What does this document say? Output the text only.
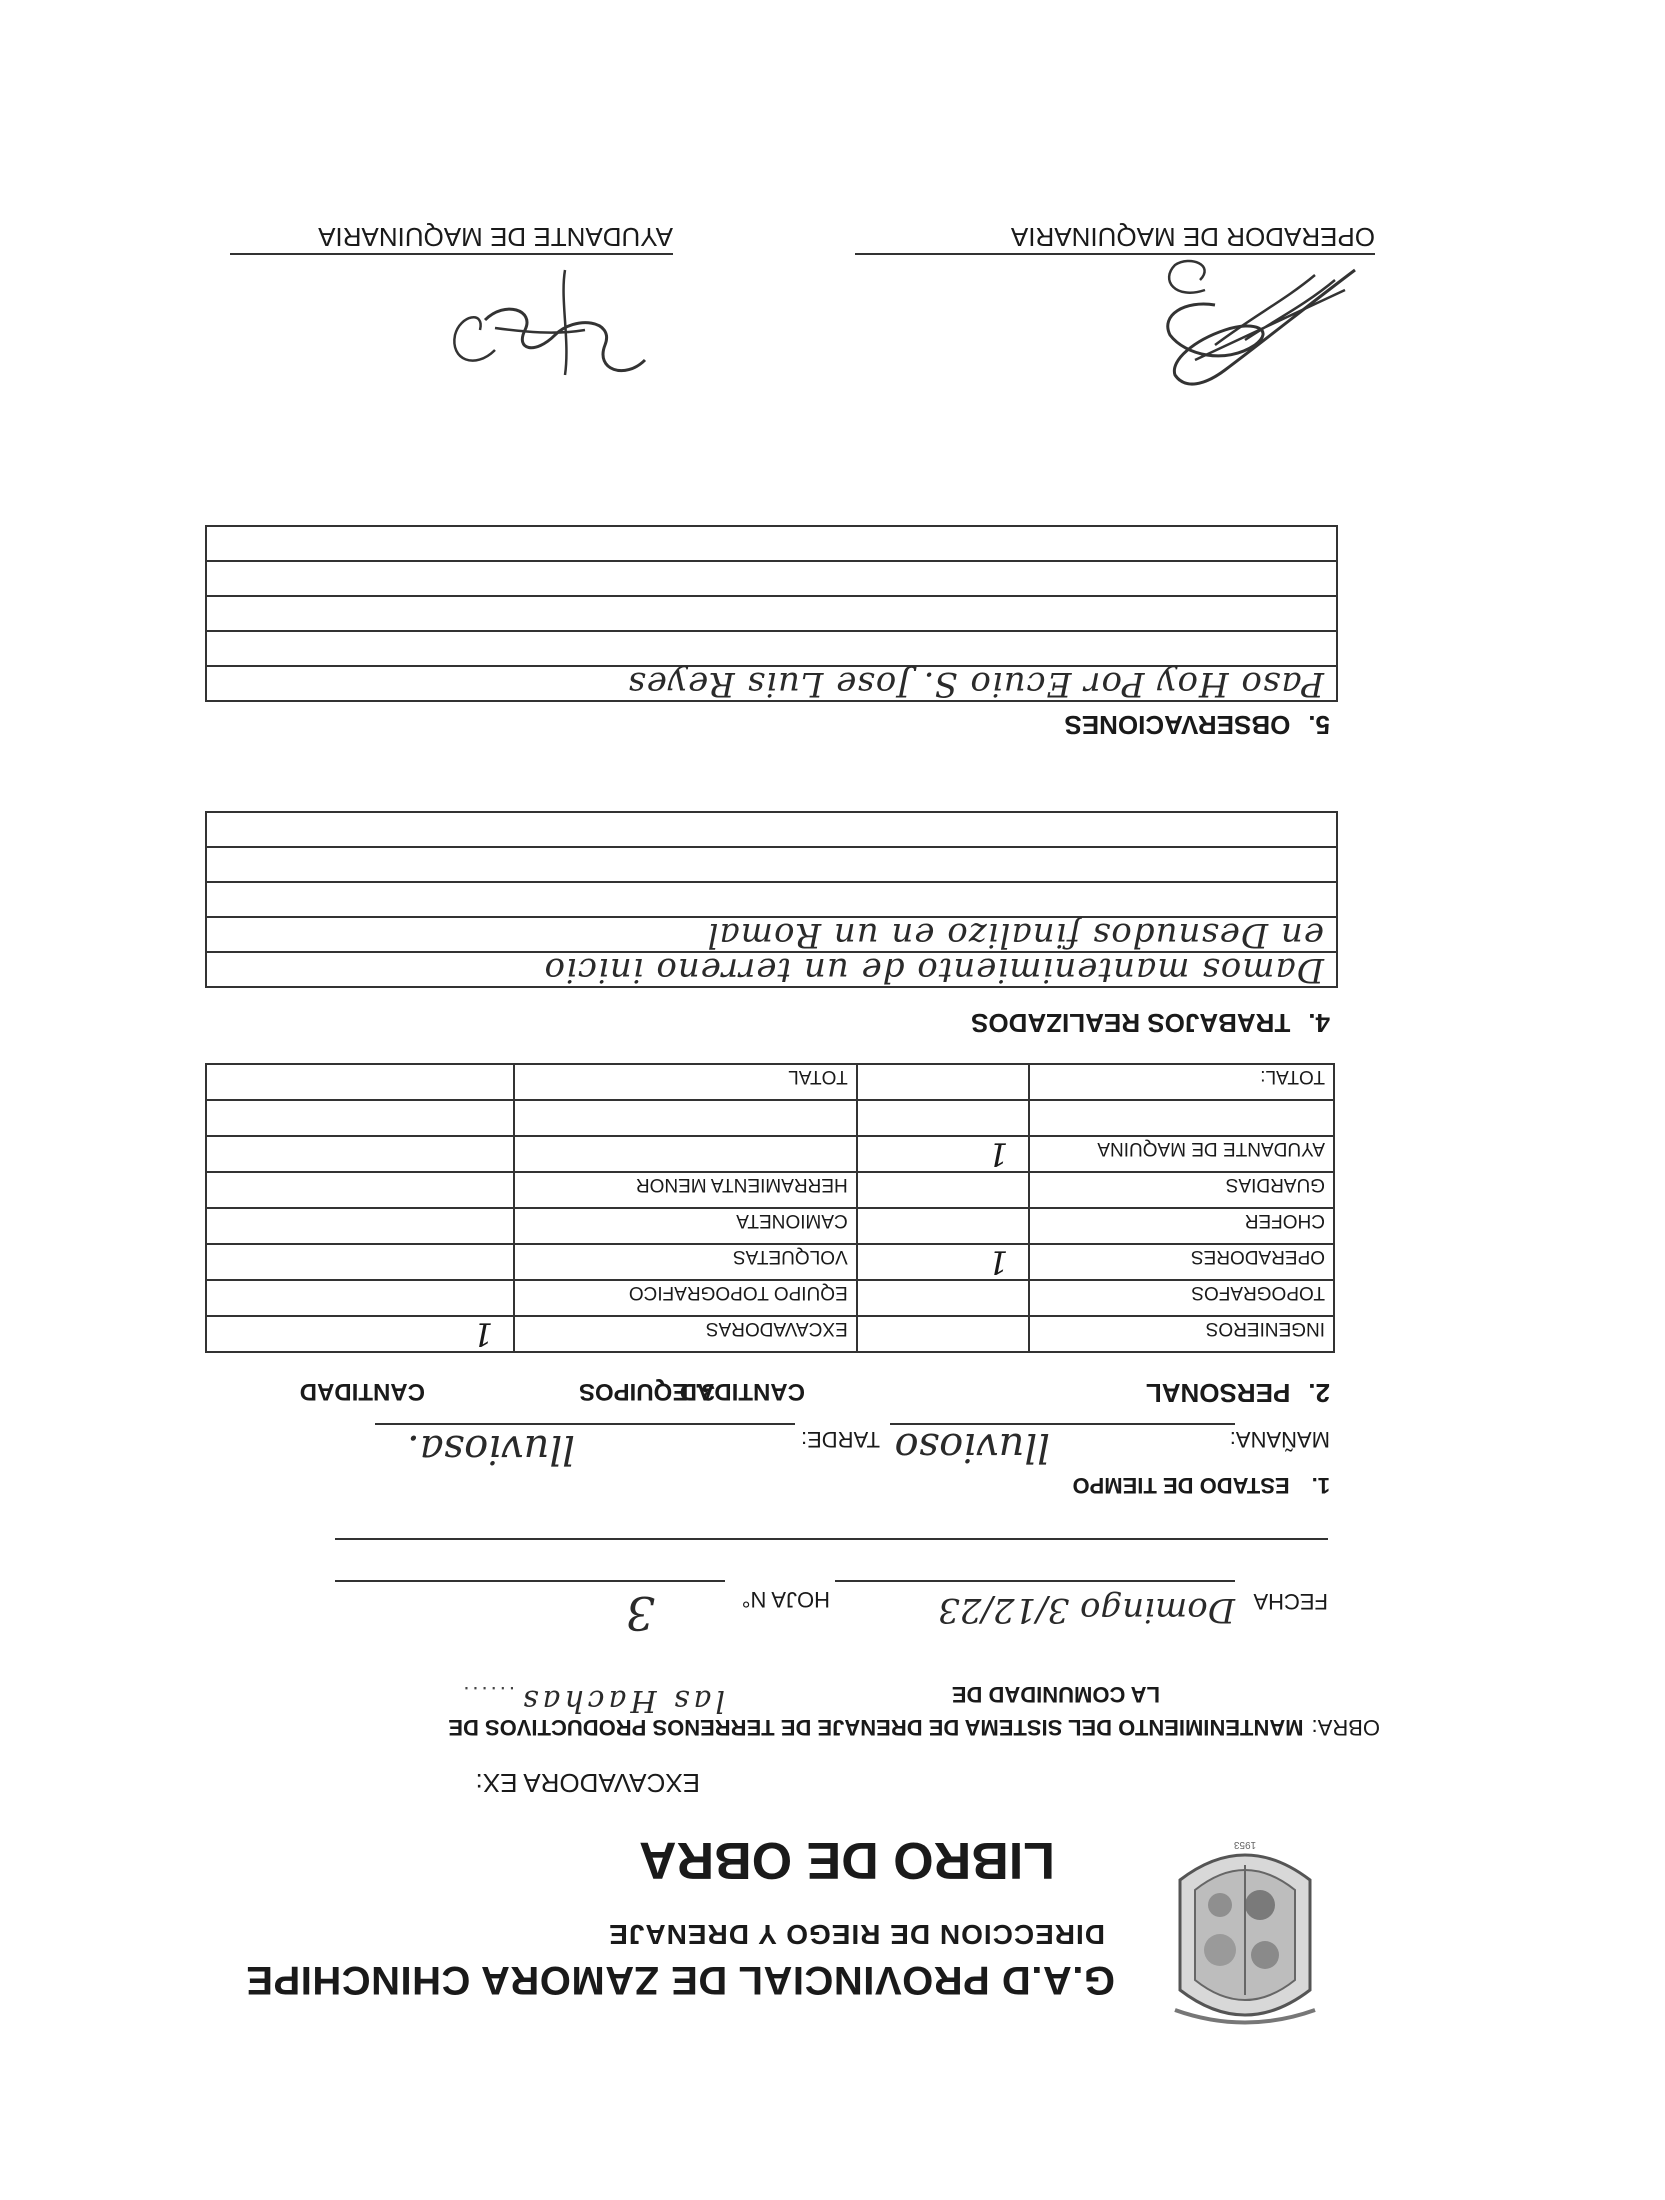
1953
G.A.D PROVINCIAL DE ZAMORA CHINCHIPE
DIRECCION DE RIEGO Y DRENAJE
LIBRO DE OBRA
EXCAVADORA EX:
OBRA:MANTENIMIENTO DEL SISTEMA DE DRENAJE DE TERRENOS PRODUCTIVOS DE
LA COMUNIDAD DE
las Hachas
......
FECHA
Domingo 3/12/23
HOJA N°
3
1.ESTADO DE TIEMPO
MAÑANA:
lluvioso
TARDE:
lluviosa.
2.PERSONAL
CANTIDAD
3. EQUIPOS
CANTIDAD
INGENIEROS		EXCAVADORAS	1
TOPOGRAFOS		EQUIPO TOPOGRAFICO	
OPERADORES	1	VOLQUETAS	
CHOFER		CAMIONETA	
GUARDIAS		HERRAMIENTA MENOR	
AYUDANTE DE MAQUINA	1		

TOTAL:		TOTAL	
4.TRABAJOS REALIZADOS
Damos mantenimiento de un terreno inicio
en Desnudos finalizo en un Romal

5.OBSERVACIONES
Paso Hoy Por Ecuio S. Jose Luis Reyes

OPERADOR DE MAQUINARIA
AYUDANTE DE MAQUINARIA
